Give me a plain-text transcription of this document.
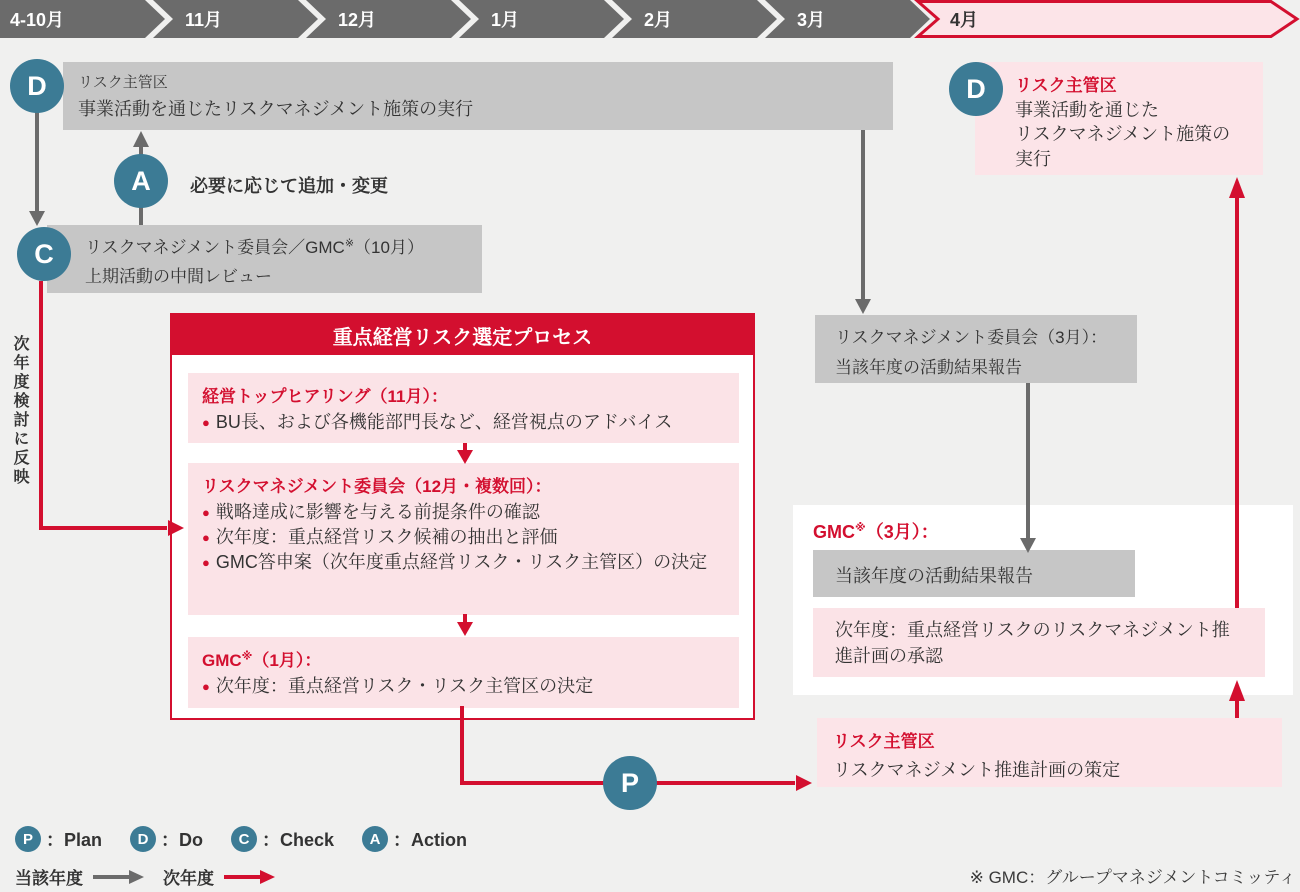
4-10月	11月	12月	1月	2月	3月	4月
リスク主管区
事業活動を通じたリスクマネジメント施策の実行
リスクマネジメント委員会／GMC※（10月）
上期活動の中間レビュー
必要に応じて追加・変更
次年度検討に反映	重点経営リスク選定プロセス
経営トップヒアリング（11月）：
● BU長、および各機能部門長など、経営視点のアドバイス
リスクマネジメント委員会（12月・複数回）：
● 戦略達成に影響を与える前提条件の確認
● 次年度：重点経営リスク候補の抽出と評価
● GMC答申案（次年度重点経営リスク・リスク主管区）の決定
GMC※（1月）：
● 次年度：重点経営リスク・リスク主管区の決定
リスクマネジメント委員会（3月）：
当該年度の活動結果報告
GMC※（3月）：
当該年度の活動結果報告
次年度：重点経営リスクのリスクマネジメント推進計画の承認
リスク主管区
リスクマネジメント推進計画の策定
リスク主管区
事業活動を通じた
リスクマネジメント施策の
実行
D
A
C
P
D
P ：Plan	D ：Do	C ：Check	A ：Action
当該年度	次年度	※ GMC：グループマネジメントコミッティ
